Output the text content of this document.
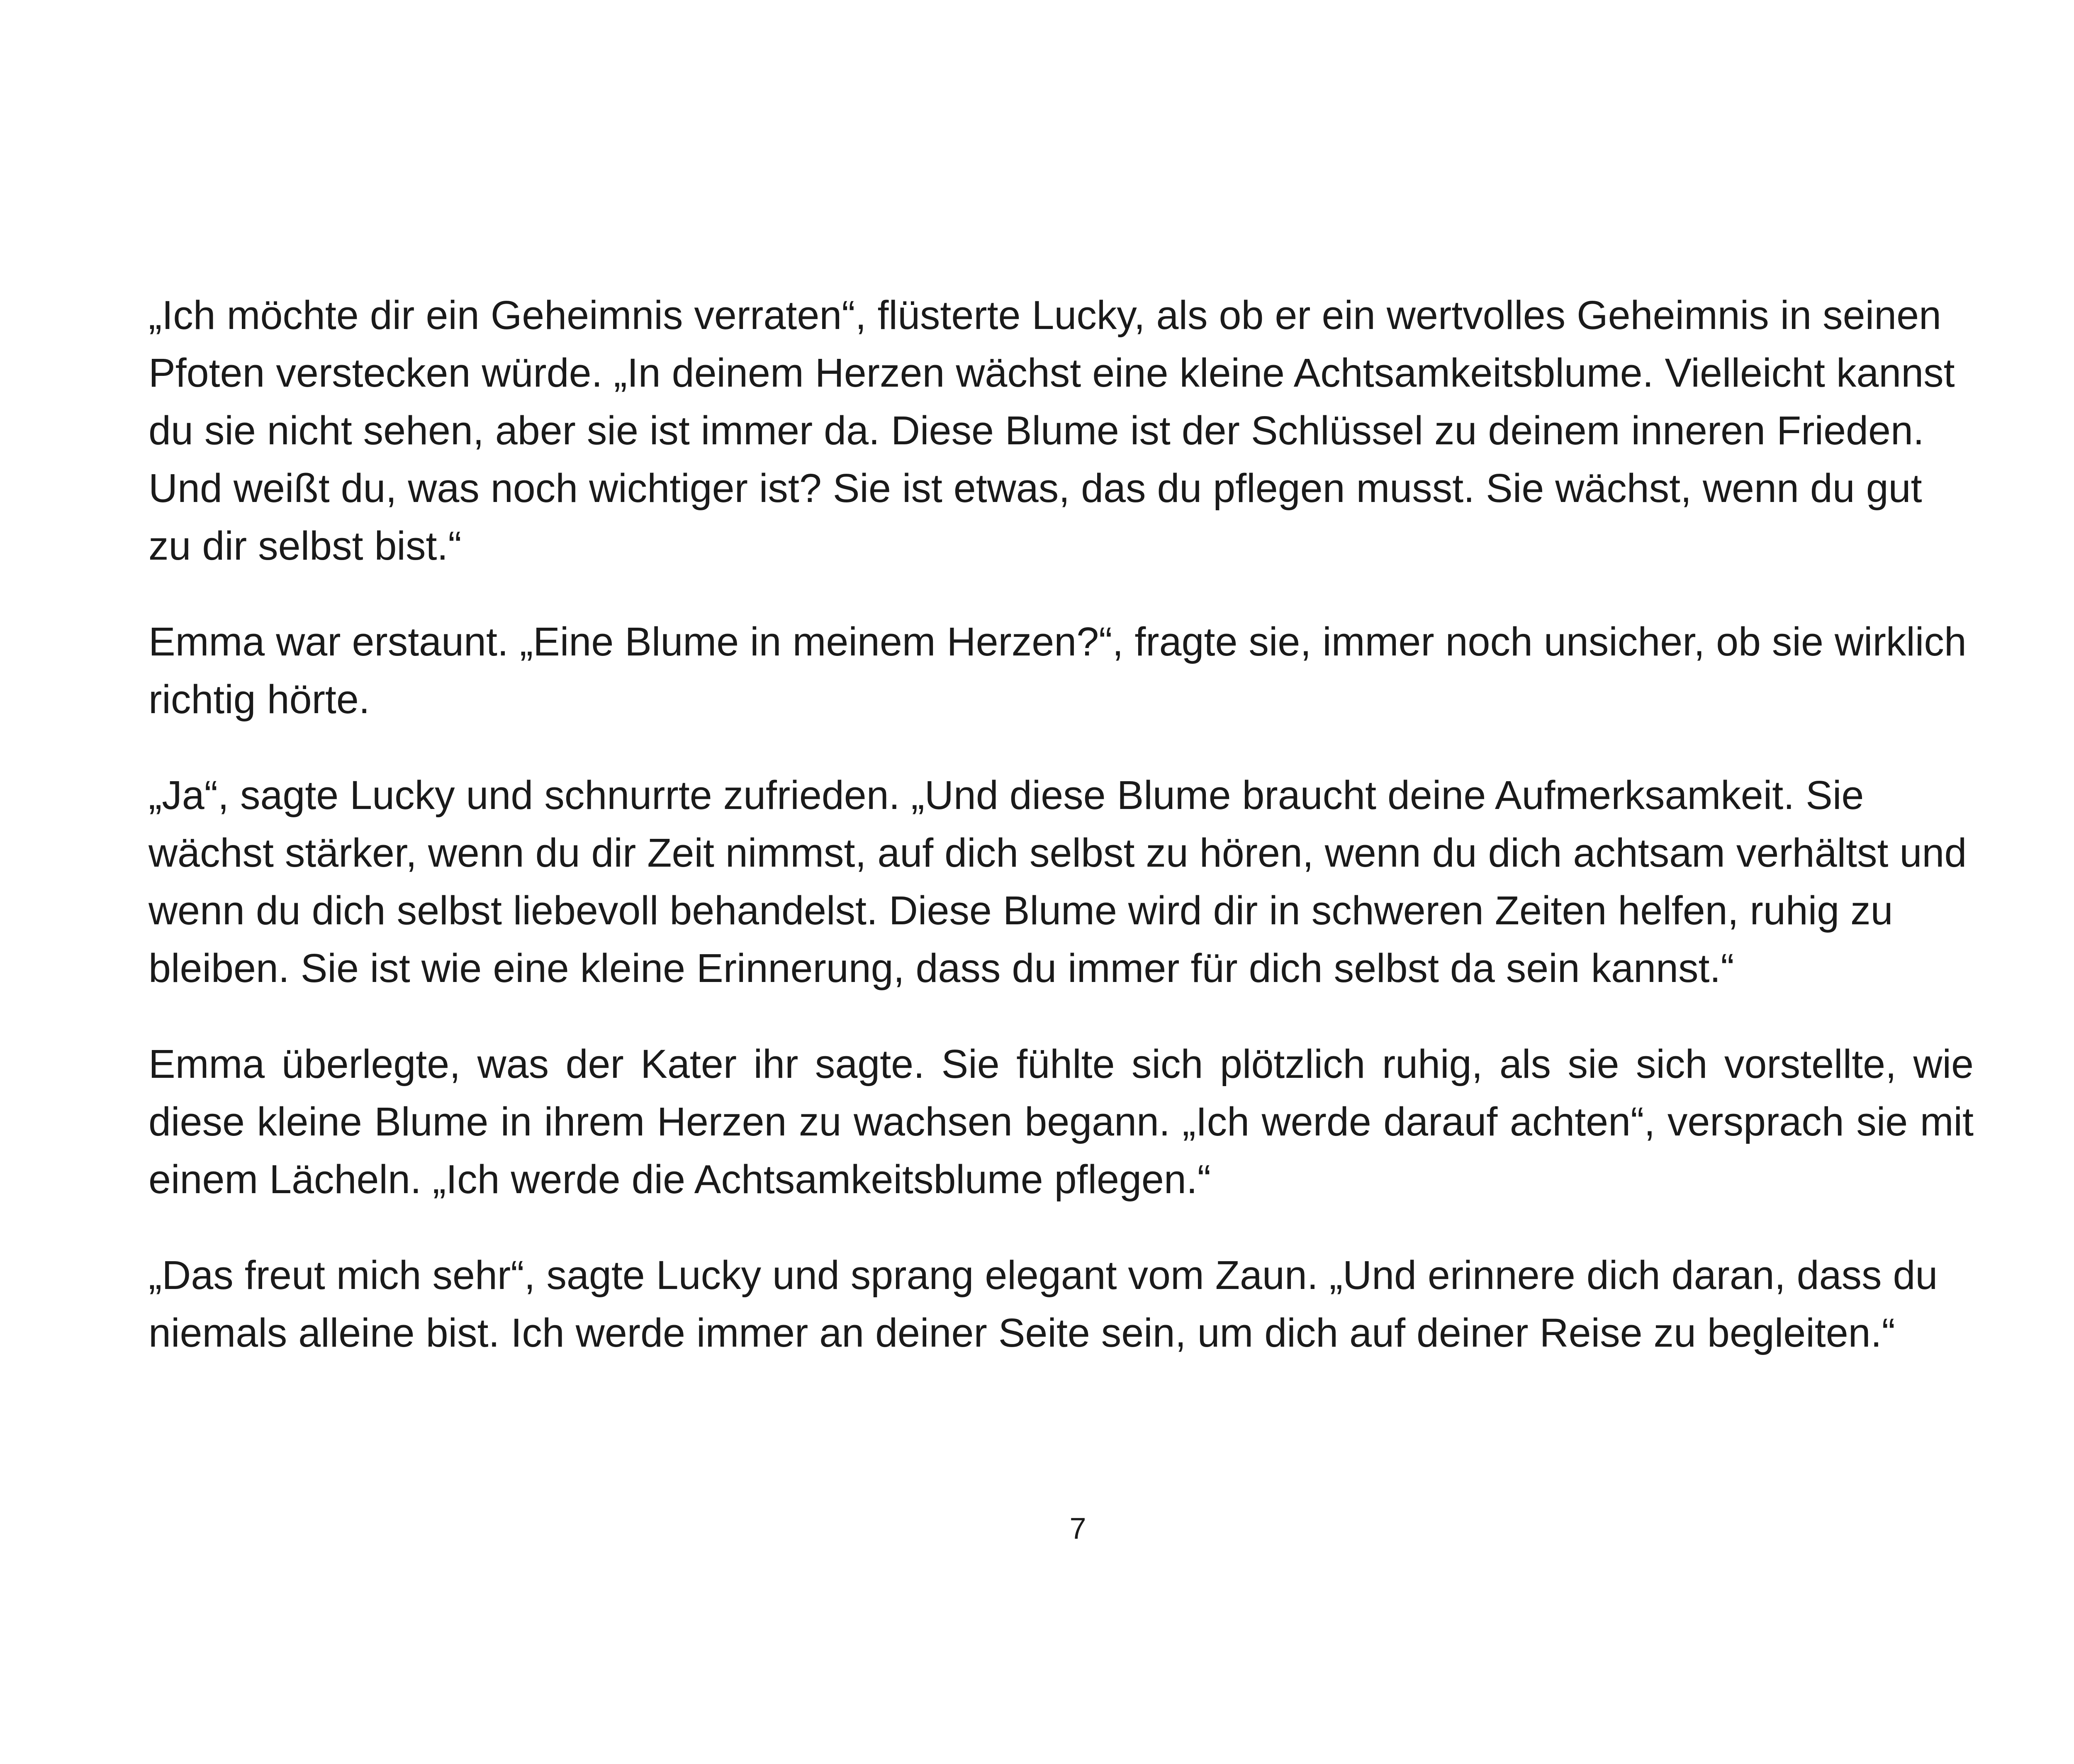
„Ich möchte dir ein Geheimnis verraten“, flüsterte Lucky, als ob er ein wertvolles Geheimnis in seinen Pfoten verstecken würde. „In deinem Herzen wächst eine kleine Achtsamkeitsblume. Vielleicht kannst du sie nicht sehen, aber sie ist immer da. Diese Blume ist der Schlüssel zu deinem inneren Frieden. Und weißt du, was noch wichtiger ist? Sie ist etwas, das du pflegen musst. Sie wächst, wenn du gut zu dir selbst bist.“

Emma war erstaunt. „Eine Blume in meinem Herzen?“, fragte sie, immer noch unsicher, ob sie wirklich richtig hörte.

„Ja“, sagte Lucky und schnurrte zufrieden. „Und diese Blume braucht deine Aufmerksamkeit. Sie wächst stärker, wenn du dir Zeit nimmst, auf dich selbst zu hören, wenn du dich achtsam verhältst und wenn du dich selbst liebevoll behandelst. Diese Blume wird dir in schweren Zeiten helfen, ruhig zu bleiben. Sie ist wie eine kleine Erinnerung, dass du immer für dich selbst da sein kannst.“

Emma überlegte, was der Kater ihr sagte. Sie fühlte sich plötzlich ruhig, als sie sich vorstellte, wie diese kleine Blume in ihrem Herzen zu wachsen begann. „Ich werde darauf achten“, versprach sie mit einem Lächeln. „Ich werde die Achtsamkeitsblume pflegen.“

„Das freut mich sehr“, sagte Lucky und sprang elegant vom Zaun. „Und erinnere dich daran, dass du niemals alleine bist. Ich werde immer an deiner Seite sein, um dich auf deiner Reise zu begleiten.“

7
